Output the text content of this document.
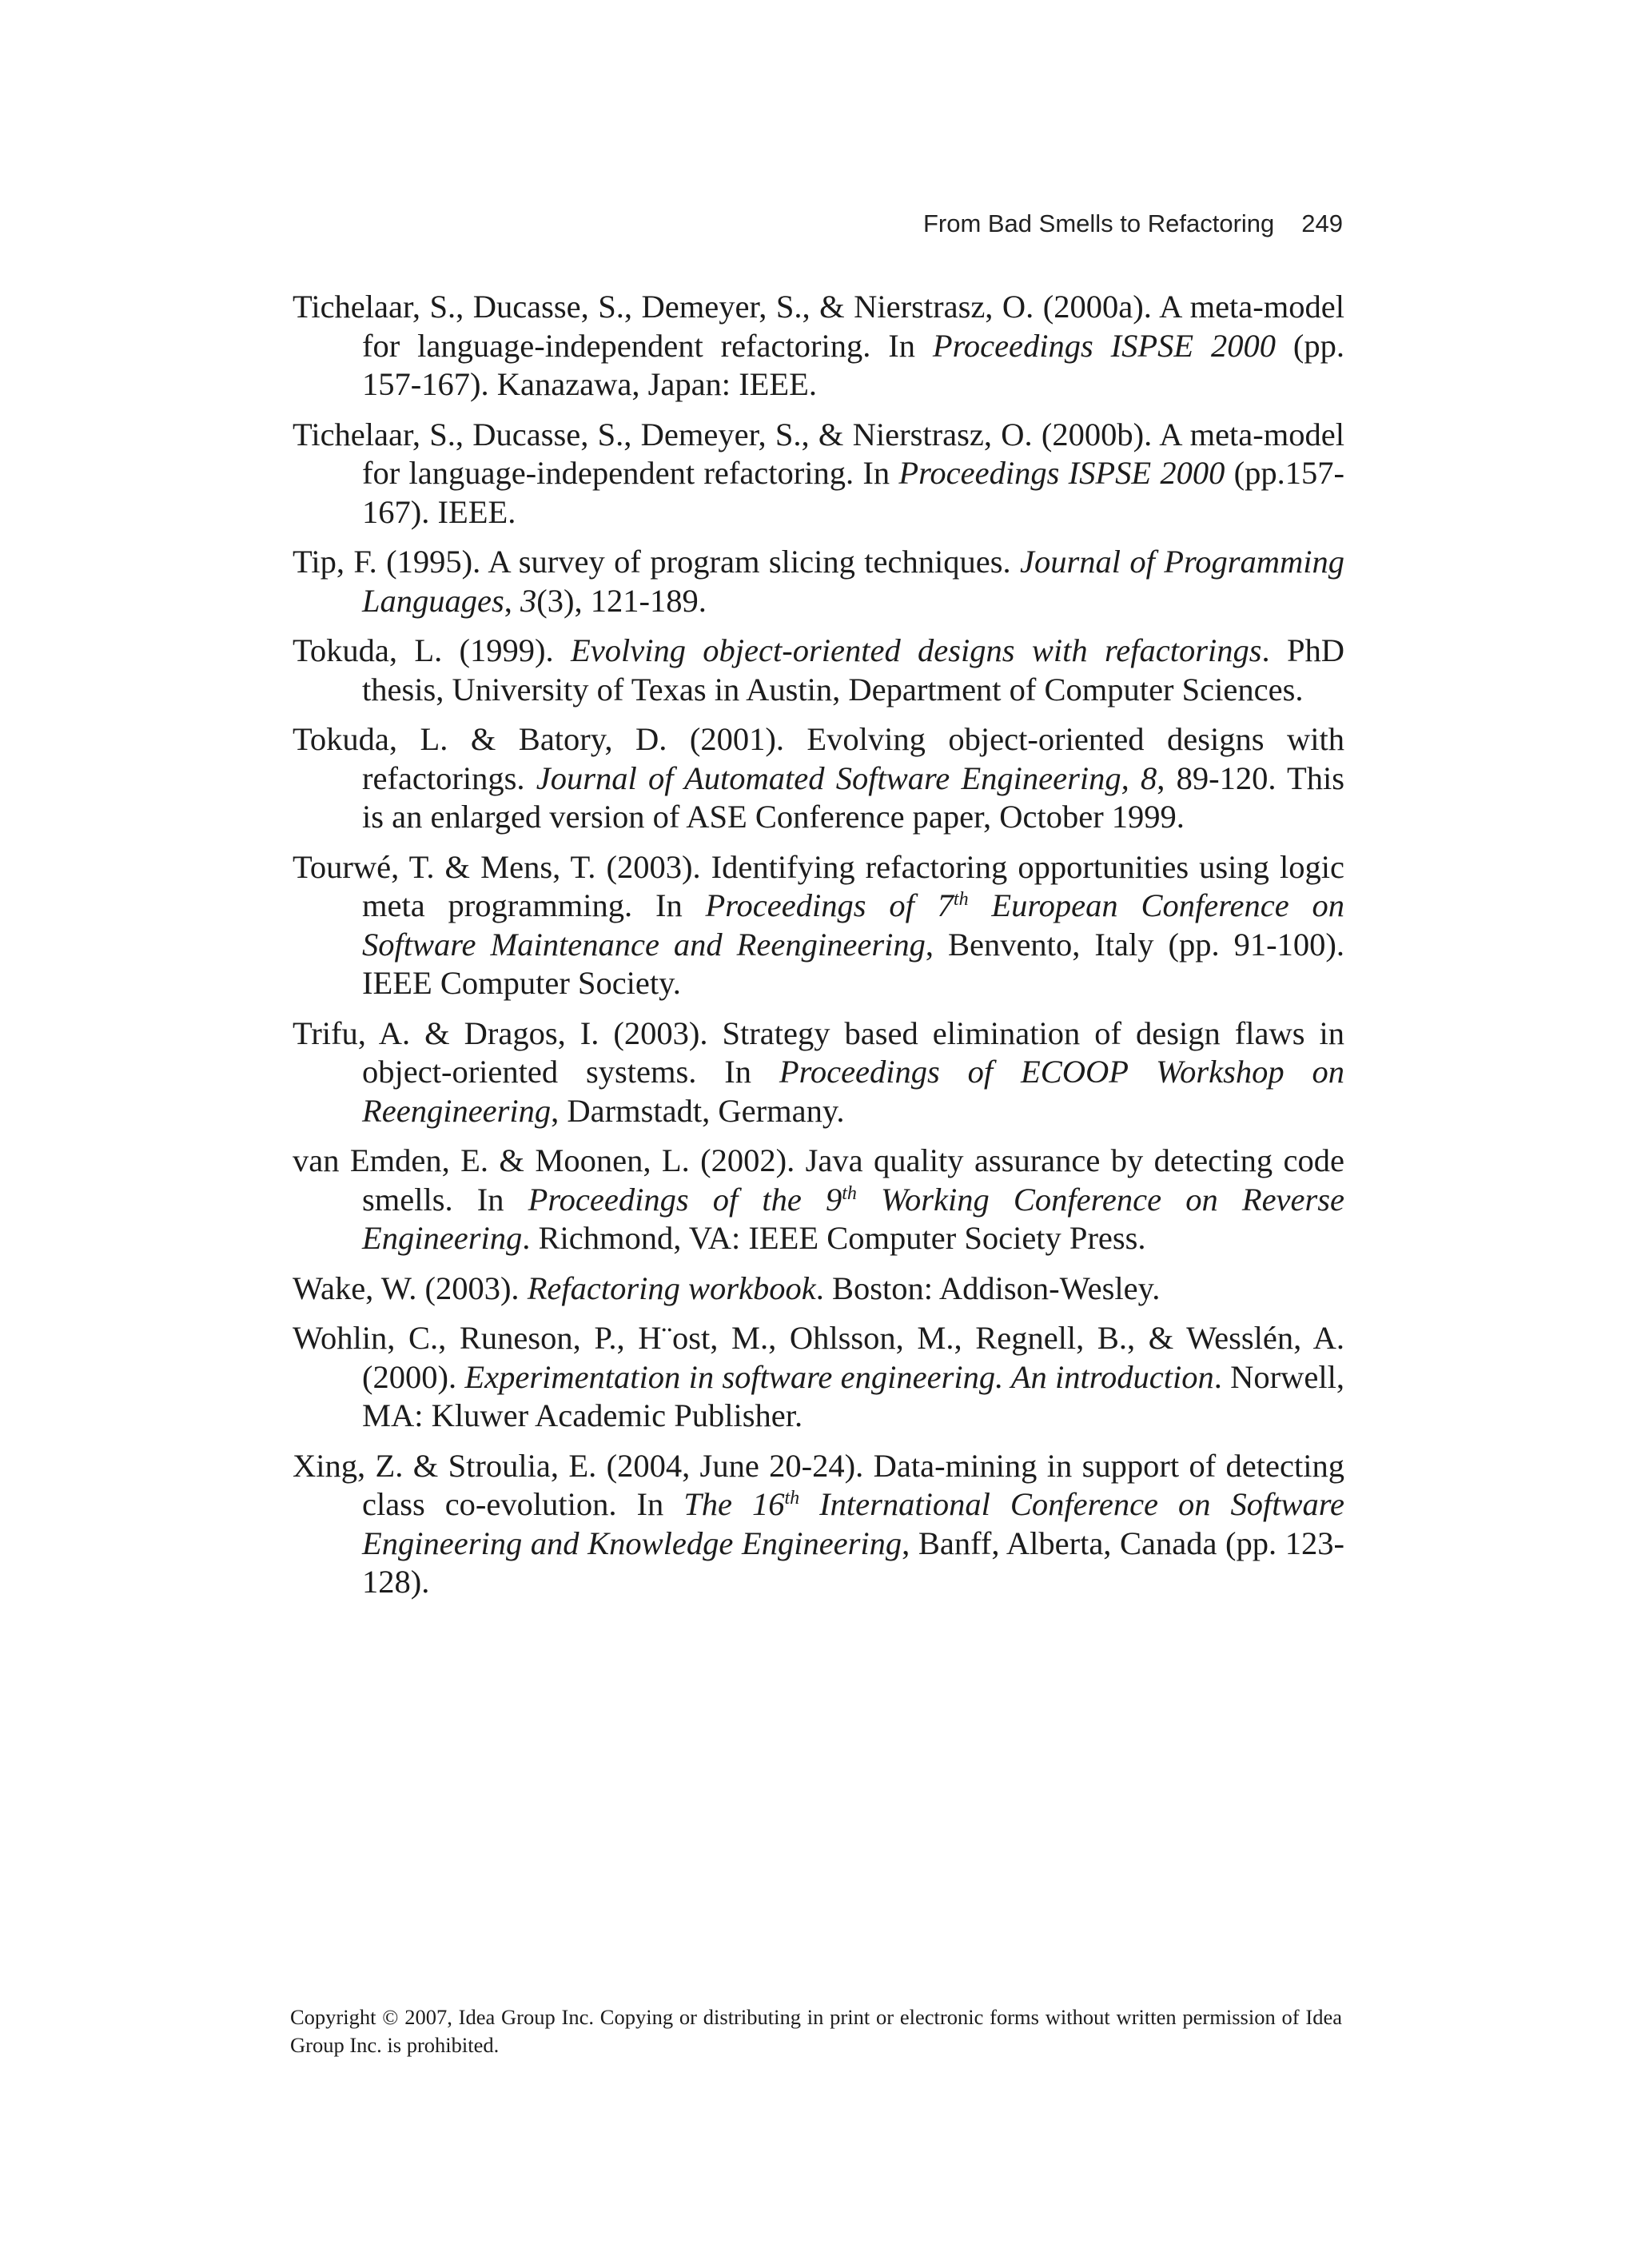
From Bad Smells to Refactoring 249

Tichelaar, S., Ducasse, S., Demeyer, S., & Nierstrasz, O. (2000a). A meta-model for language-independent refactoring. In Proceedings ISPSE 2000 (pp. 157-167). Kanazawa, Japan: IEEE.

Tichelaar, S., Ducasse, S., Demeyer, S., & Nierstrasz, O. (2000b). A meta-model for language-independent refactoring. In Proceedings ISPSE 2000 (pp.157-167). IEEE.

Tip, F. (1995). A survey of program slicing techniques. Journal of Programming Languages, 3(3), 121-189.

Tokuda, L. (1999). Evolving object-oriented designs with refactorings. PhD thesis, University of Texas in Austin, Department of Computer Sciences.

Tokuda, L. & Batory, D. (2001). Evolving object-oriented designs with refactorings. Journal of Automated Software Engineering, 8, 89-120. This is an enlarged version of ASE Conference paper, October 1999.

Tourwé, T. & Mens, T. (2003). Identifying refactoring opportunities using logic meta programming. In Proceedings of 7th European Conference on Software Maintenance and Reengineering, Benvento, Italy (pp. 91-100). IEEE Computer Society.

Trifu, A. & Dragos, I. (2003). Strategy based elimination of design flaws in object-oriented systems. In Proceedings of ECOOP Workshop on Reengineering, Darmstadt, Germany.

van Emden, E. & Moonen, L. (2002). Java quality assurance by detecting code smells. In Proceedings of the 9th Working Conference on Reverse Engineering. Richmond, VA: IEEE Computer Society Press.

Wake, W. (2003). Refactoring workbook. Boston: Addison-Wesley.

Wohlin, C., Runeson, P., H¨ost, M., Ohlsson, M., Regnell, B., & Wesslén, A. (2000). Experimentation in software engineering. An introduction. Norwell, MA: Kluwer Academic Publisher.

Xing, Z. & Stroulia, E. (2004, June 20-24). Data-mining in support of detecting class co-evolution. In The 16th International Conference on Software Engineering and Knowledge Engineering, Banff, Alberta, Canada (pp. 123-128).

Copyright © 2007, Idea Group Inc. Copying or distributing in print or electronic forms without written permission of Idea Group Inc. is prohibited.
